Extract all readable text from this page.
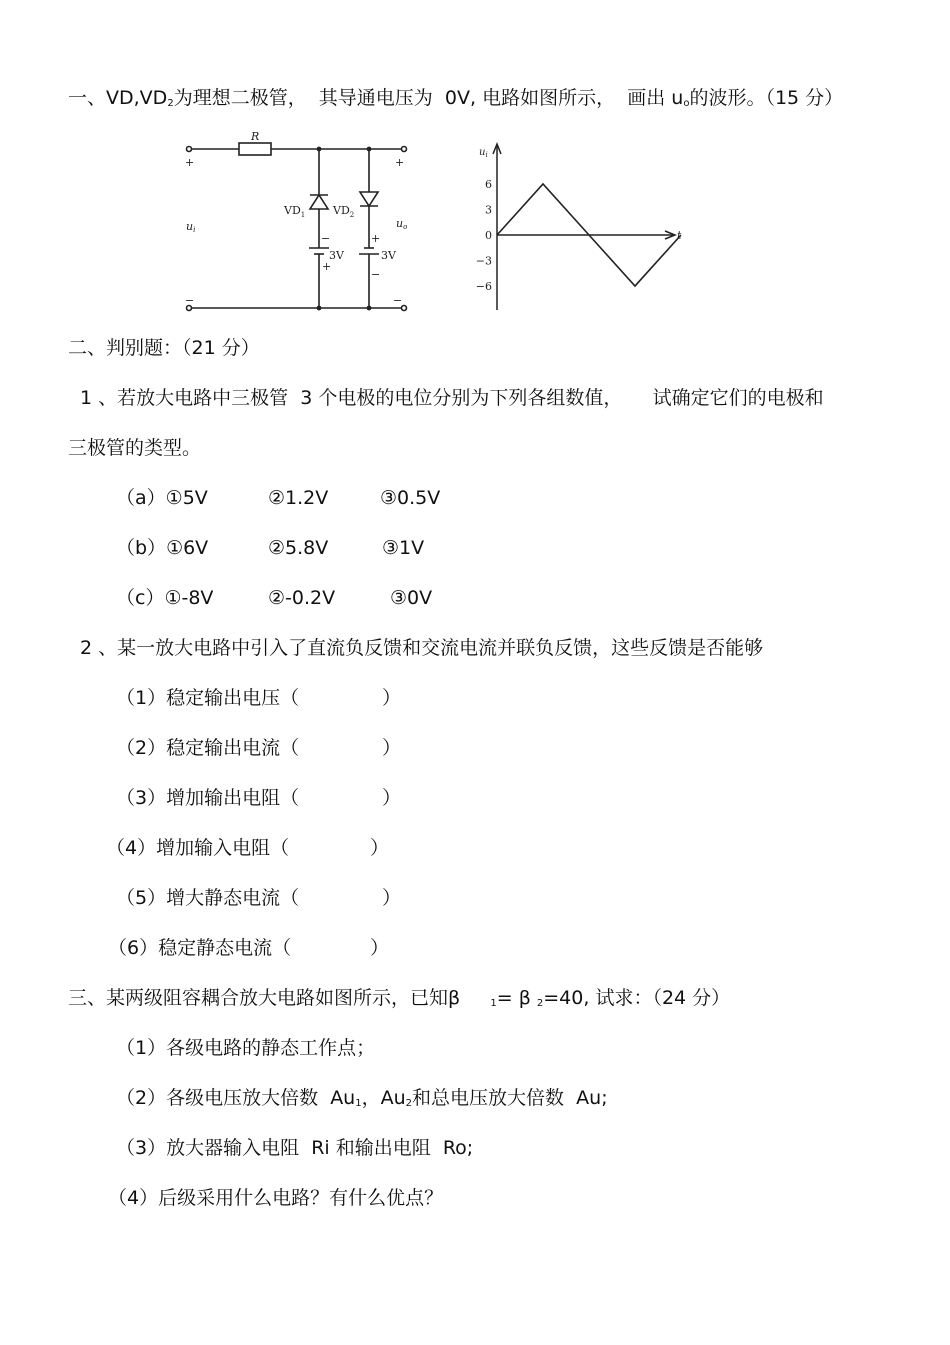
一、$VD,VD_2$为理想二极管， 其导通电压为 0V, 电路如图所示， 画出 $u_o$的波形。（15 分）
R
+	+
−	−
ui	uo
$VD_1$	$VD_2$
−
+
3V
+
−
3V
6
3
0
−3
−6
$u_i$
t
二、判别题：（21 分）
1 、若放大电路中三极管 3 个电极的电位分别为下列各组数值， 试确定它们的电极和
三极管的类型。
（a）①5V	②1.2V	③0.5V
（b）①6V	②5.8V	③1V
（c）①-8V	②-0.2V	③0V
2 、某一放大电路中引入了直流负反馈和交流电流并联负反馈，这些反馈是否能够
（1）稳定输出电压（	）
（2）稳定输出电流（	）
（3）增加输出电阻（	）
（4）增加输入电阻（	）
（5）增大静态电流（	）
（6）稳定静态电流（	）
三、某两级阻容耦合放大电路如图所示，已知β	$_1$= β $_2$=40, 试求：（24 分）
（1）各级电路的静态工作点；
（2）各级电压放大倍数 $Au_1$，$Au_2$和总电压放大倍数 Au;
（3）放大器输入电阻 Ri 和输出电阻 Ro;
（4）后级采用什么电路？有什么优点？
